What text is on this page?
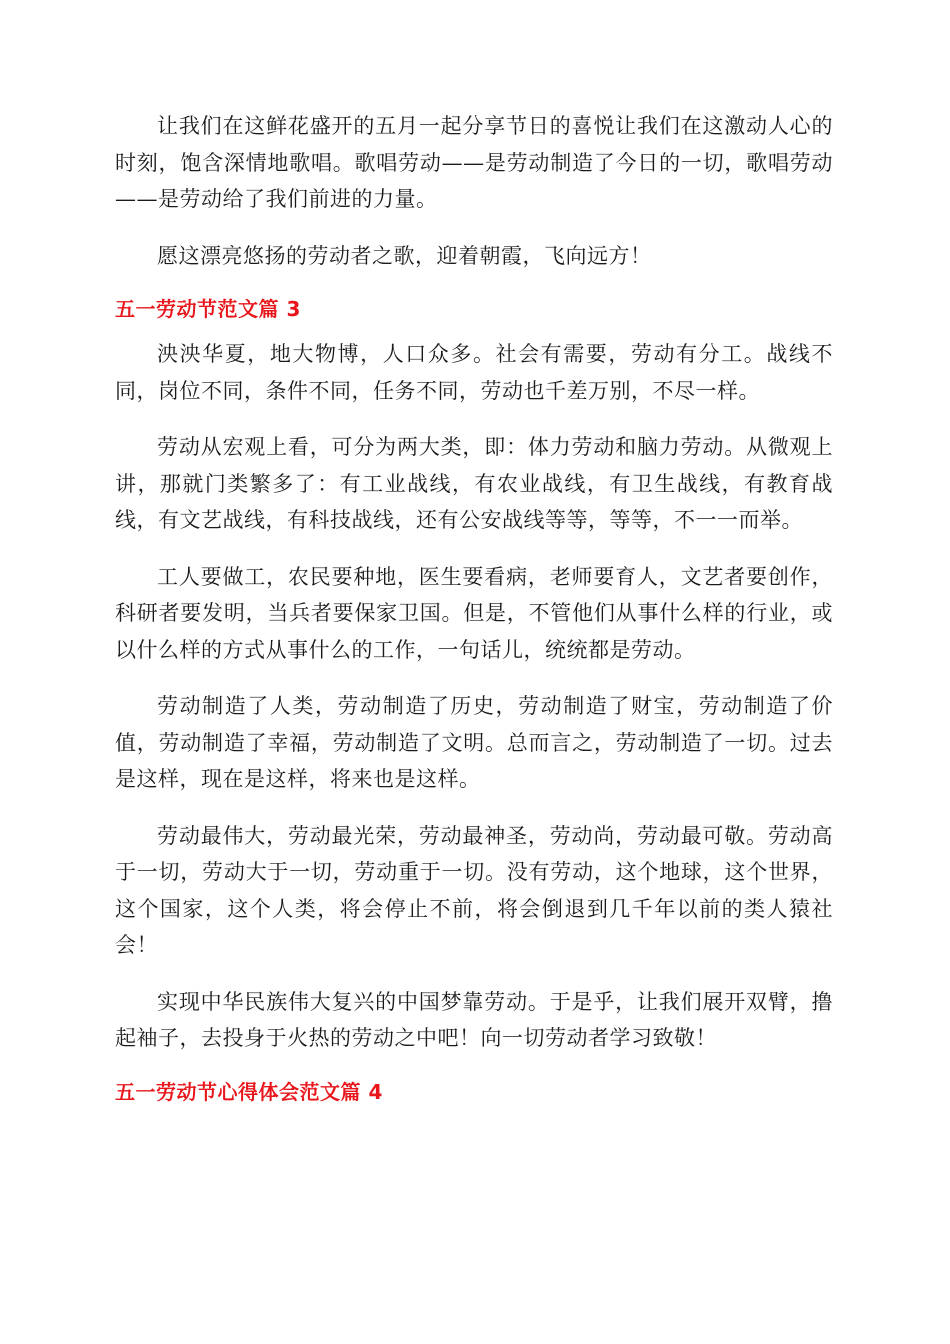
让我们在这鲜花盛开的五月一起分享节日的喜悦让我们在这激动人心的时刻，饱含深情地歌唱。歌唱劳动——是劳动制造了今日的一切，歌唱劳动——是劳动给了我们前进的力量。

愿这漂亮悠扬的劳动者之歌，迎着朝霞，飞向远方！

五一劳动节范文篇 3

泱泱华夏，地大物博，人口众多。社会有需要，劳动有分工。战线不同，岗位不同，条件不同，任务不同，劳动也千差万别，不尽一样。

劳动从宏观上看，可分为两大类，即：体力劳动和脑力劳动。从微观上讲，那就门类繁多了：有工业战线，有农业战线，有卫生战线，有教育战线，有文艺战线，有科技战线，还有公安战线等等，等等，不一一而举。

工人要做工，农民要种地，医生要看病，老师要育人，文艺者要创作，科研者要发明，当兵者要保家卫国。但是，不管他们从事什么样的行业，或以什么样的方式从事什么的工作，一句话儿，统统都是劳动。

劳动制造了人类，劳动制造了历史，劳动制造了财宝，劳动制造了价值，劳动制造了幸福，劳动制造了文明。总而言之，劳动制造了一切。过去是这样，现在是这样，将来也是这样。

劳动最伟大，劳动最光荣，劳动最神圣，劳动尚，劳动最可敬。劳动高于一切，劳动大于一切，劳动重于一切。没有劳动，这个地球，这个世界，这个国家，这个人类，将会停止不前，将会倒退到几千年以前的类人猿社会！

实现中华民族伟大复兴的中国梦靠劳动。于是乎，让我们展开双臂，撸起袖子，去投身于火热的劳动之中吧！向一切劳动者学习致敬！

五一劳动节心得体会范文篇 4
